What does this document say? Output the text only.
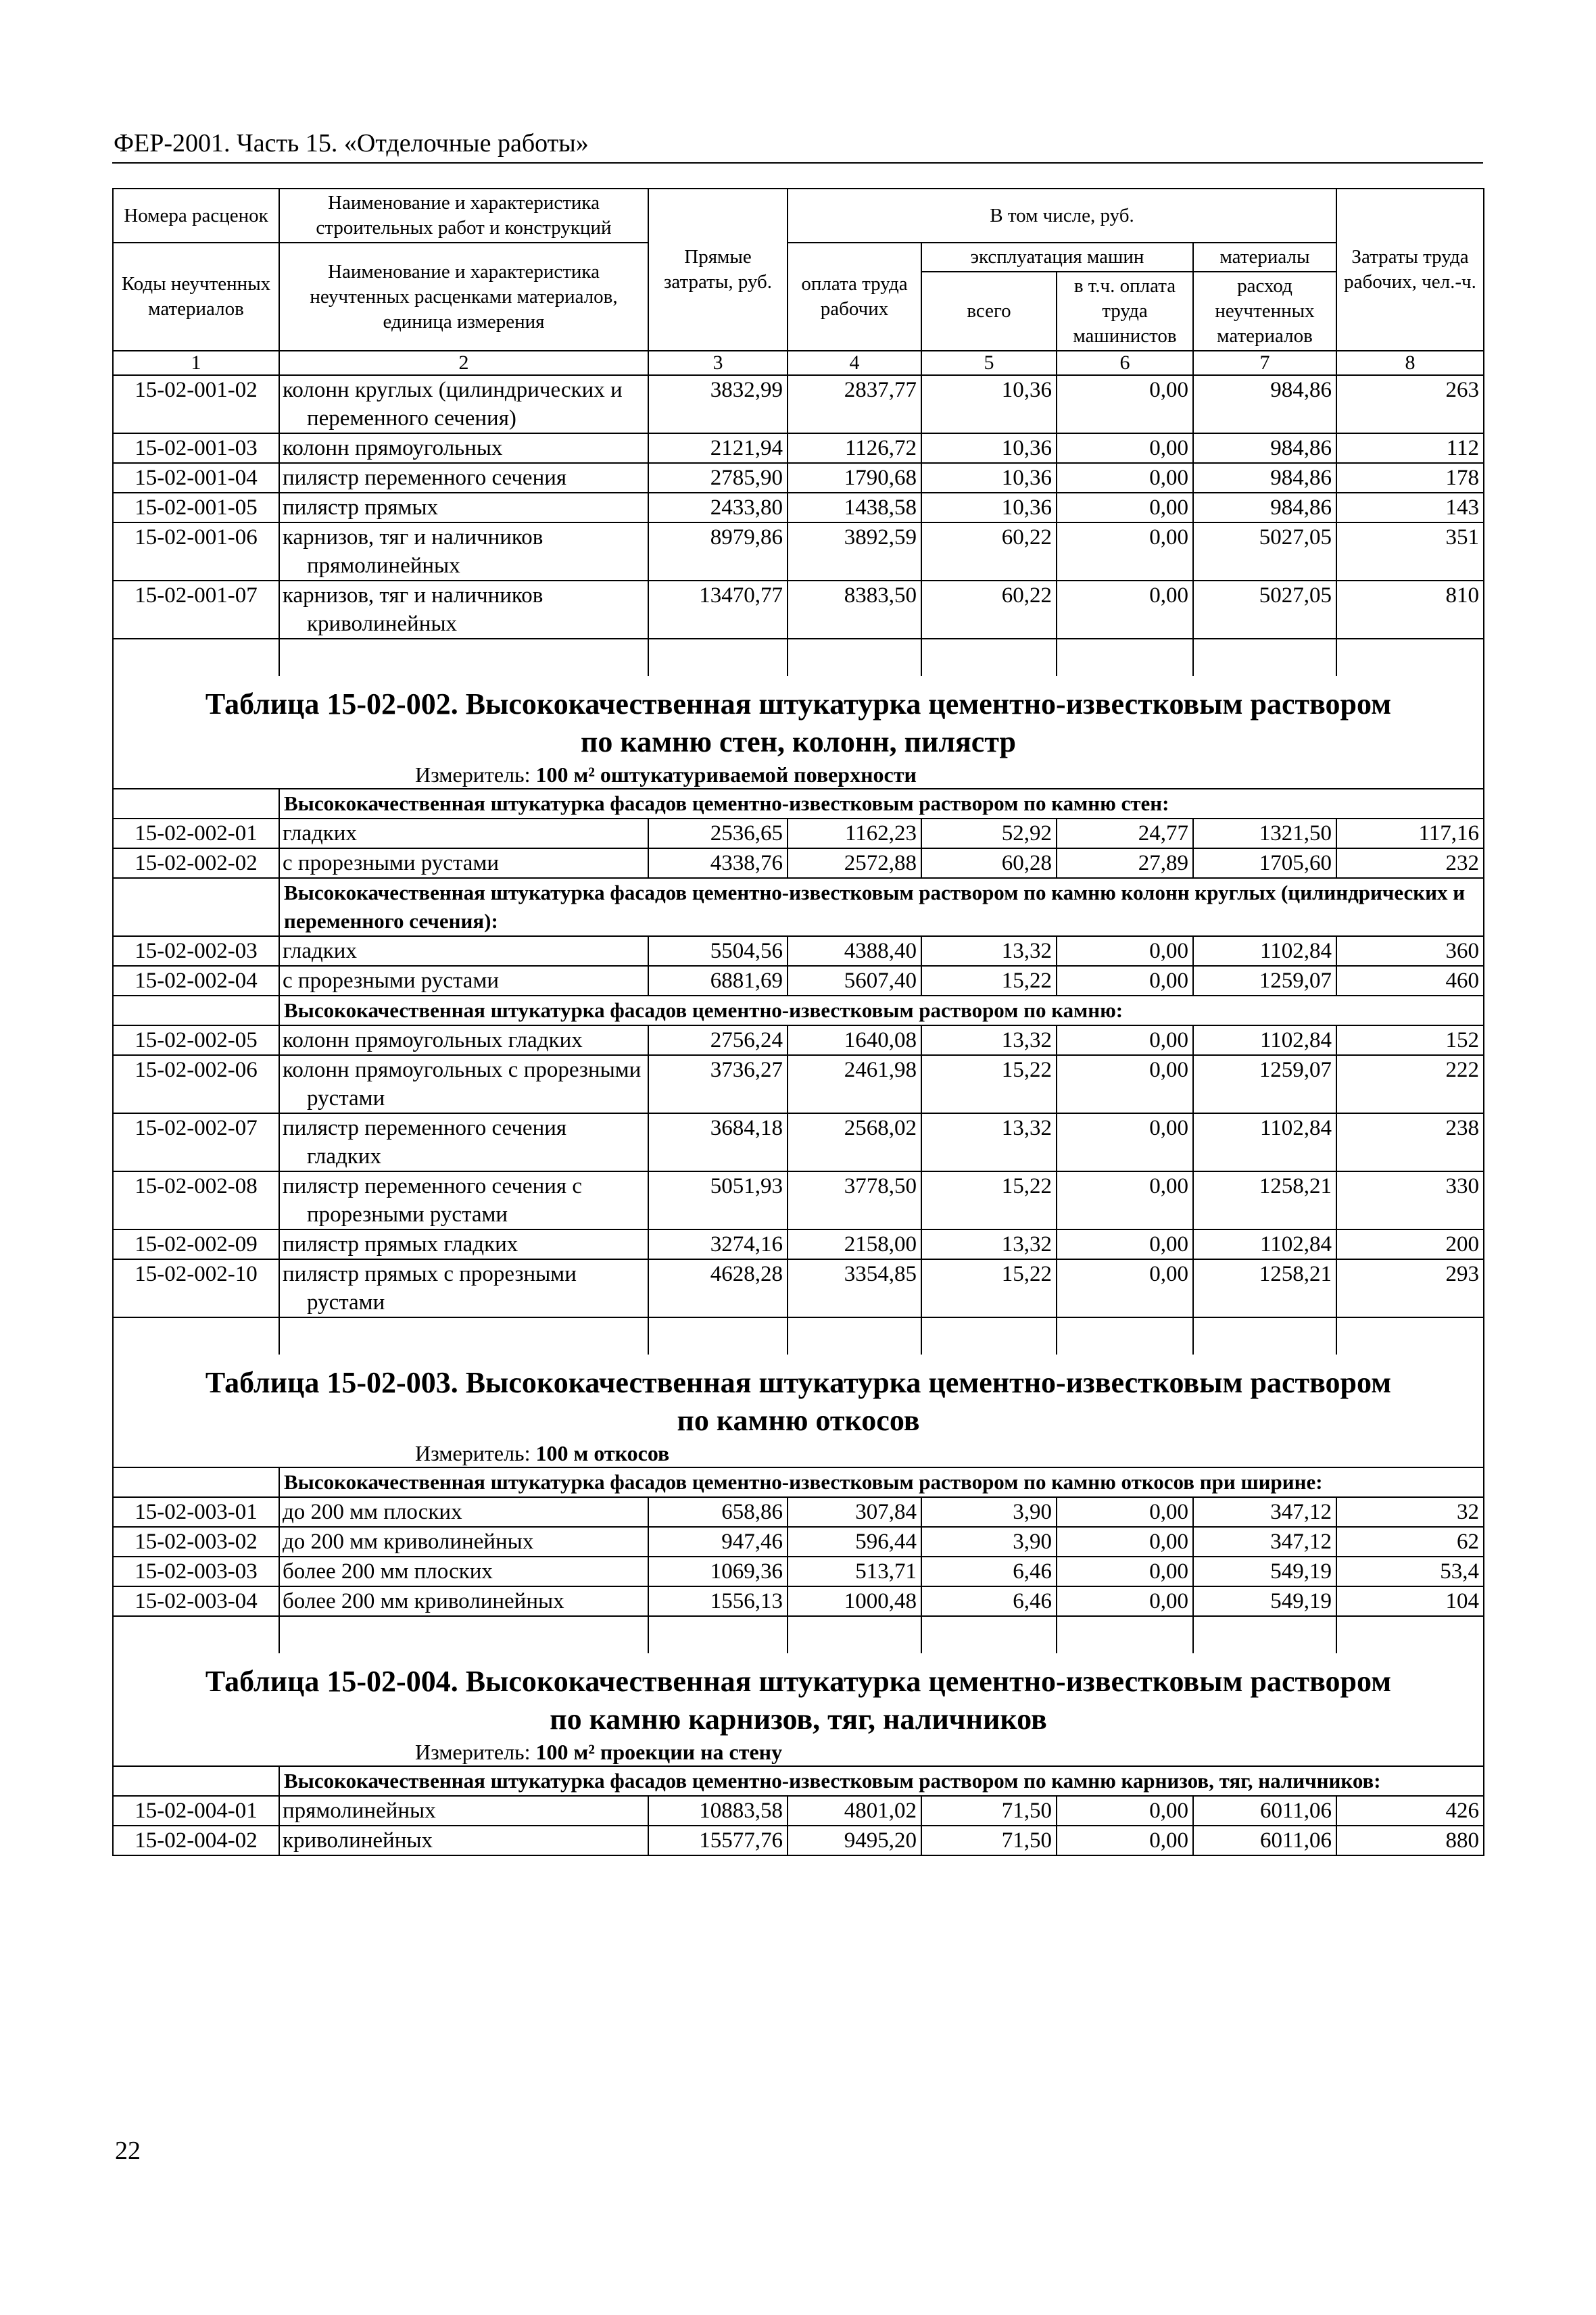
ФЕР-2001. Часть 15. «Отделочные работы»
Номера расценок	Наименование и характеристика строительных работ и конструкций	Прямые затраты, руб.	В том числе, руб.				Затраты труда рабочих, чел.-ч.
Коды неучтенных материалов	Наименование и характеристика неучтенных расценками материалов, единица измерения		оплата труда рабочих	эксплуатация машин		материалы	
				всего	в т.ч. оплата труда машинистов	расход неучтенных материалов	
1	2	3	4	5	6	7	8
15-02-001-02	колонн круглых (цилиндрических и переменного сечения)	3832,99	2837,77	10,36	0,00	984,86	263
15-02-001-03	колонн прямоугольных	2121,94	1126,72	10,36	0,00	984,86	112
15-02-001-04	пилястр переменного сечения	2785,90	1790,68	10,36	0,00	984,86	178
15-02-001-05	пилястр прямых	2433,80	1438,58	10,36	0,00	984,86	143
15-02-001-06	карнизов, тяг и наличников прямолинейных	8979,86	3892,59	60,22	0,00	5027,05	351
15-02-001-07	карнизов, тяг и наличников криволинейных	13470,77	8383,50	60,22	0,00	5027,05	810

Таблица 15-02-002. Высококачественная штукатурка цементно-известковым раствором
по камню стен, колонн, пилястр
Измеритель: 100 м² оштукатуриваемой поверхности							

	Высококачественная штукатурка фасадов цементно-известковым раствором по камню стен:						
15-02-002-01	гладких	2536,65	1162,23	52,92	24,77	1321,50	117,16
15-02-002-02	с прорезными рустами	4338,76	2572,88	60,28	27,89	1705,60	232
	Высококачественная штукатурка фасадов цементно-известковым раствором по камню колонн круглых (цилиндрических и переменного сечения):						
15-02-002-03	гладких	5504,56	4388,40	13,32	0,00	1102,84	360
15-02-002-04	с прорезными рустами	6881,69	5607,40	15,22	0,00	1259,07	460
	Высококачественная штукатурка фасадов цементно-известковым раствором по камню:						
15-02-002-05	колонн прямоугольных гладких	2756,24	1640,08	13,32	0,00	1102,84	152
15-02-002-06	колонн прямоугольных с прорезными рустами	3736,27	2461,98	15,22	0,00	1259,07	222
15-02-002-07	пилястр переменного сечения гладких	3684,18	2568,02	13,32	0,00	1102,84	238
15-02-002-08	пилястр переменного сечения с прорезными рустами	5051,93	3778,50	15,22	0,00	1258,21	330
15-02-002-09	пилястр прямых гладких	3274,16	2158,00	13,32	0,00	1102,84	200
15-02-002-10	пилястр прямых с прорезными рустами	4628,28	3354,85	15,22	0,00	1258,21	293

Таблица 15-02-003. Высококачественная штукатурка цементно-известковым раствором
по камню откосов
Измеритель: 100 м откосов							

	Высококачественная штукатурка фасадов цементно-известковым раствором по камню откосов при ширине:						
15-02-003-01	до 200 мм плоских	658,86	307,84	3,90	0,00	347,12	32
15-02-003-02	до 200 мм криволинейных	947,46	596,44	3,90	0,00	347,12	62
15-02-003-03	более 200 мм плоских	1069,36	513,71	6,46	0,00	549,19	53,4
15-02-003-04	более 200 мм криволинейных	1556,13	1000,48	6,46	0,00	549,19	104

Таблица 15-02-004. Высококачественная штукатурка цементно-известковым раствором
по камню карнизов, тяг, наличников
Измеритель: 100 м² проекции на стену							

	Высококачественная штукатурка фасадов цементно-известковым раствором по камню карнизов, тяг, наличников:						
15-02-004-01	прямолинейных	10883,58	4801,02	71,50	0,00	6011,06	426
15-02-004-02	криволинейных	15577,76	9495,20	71,50	0,00	6011,06	880
22
